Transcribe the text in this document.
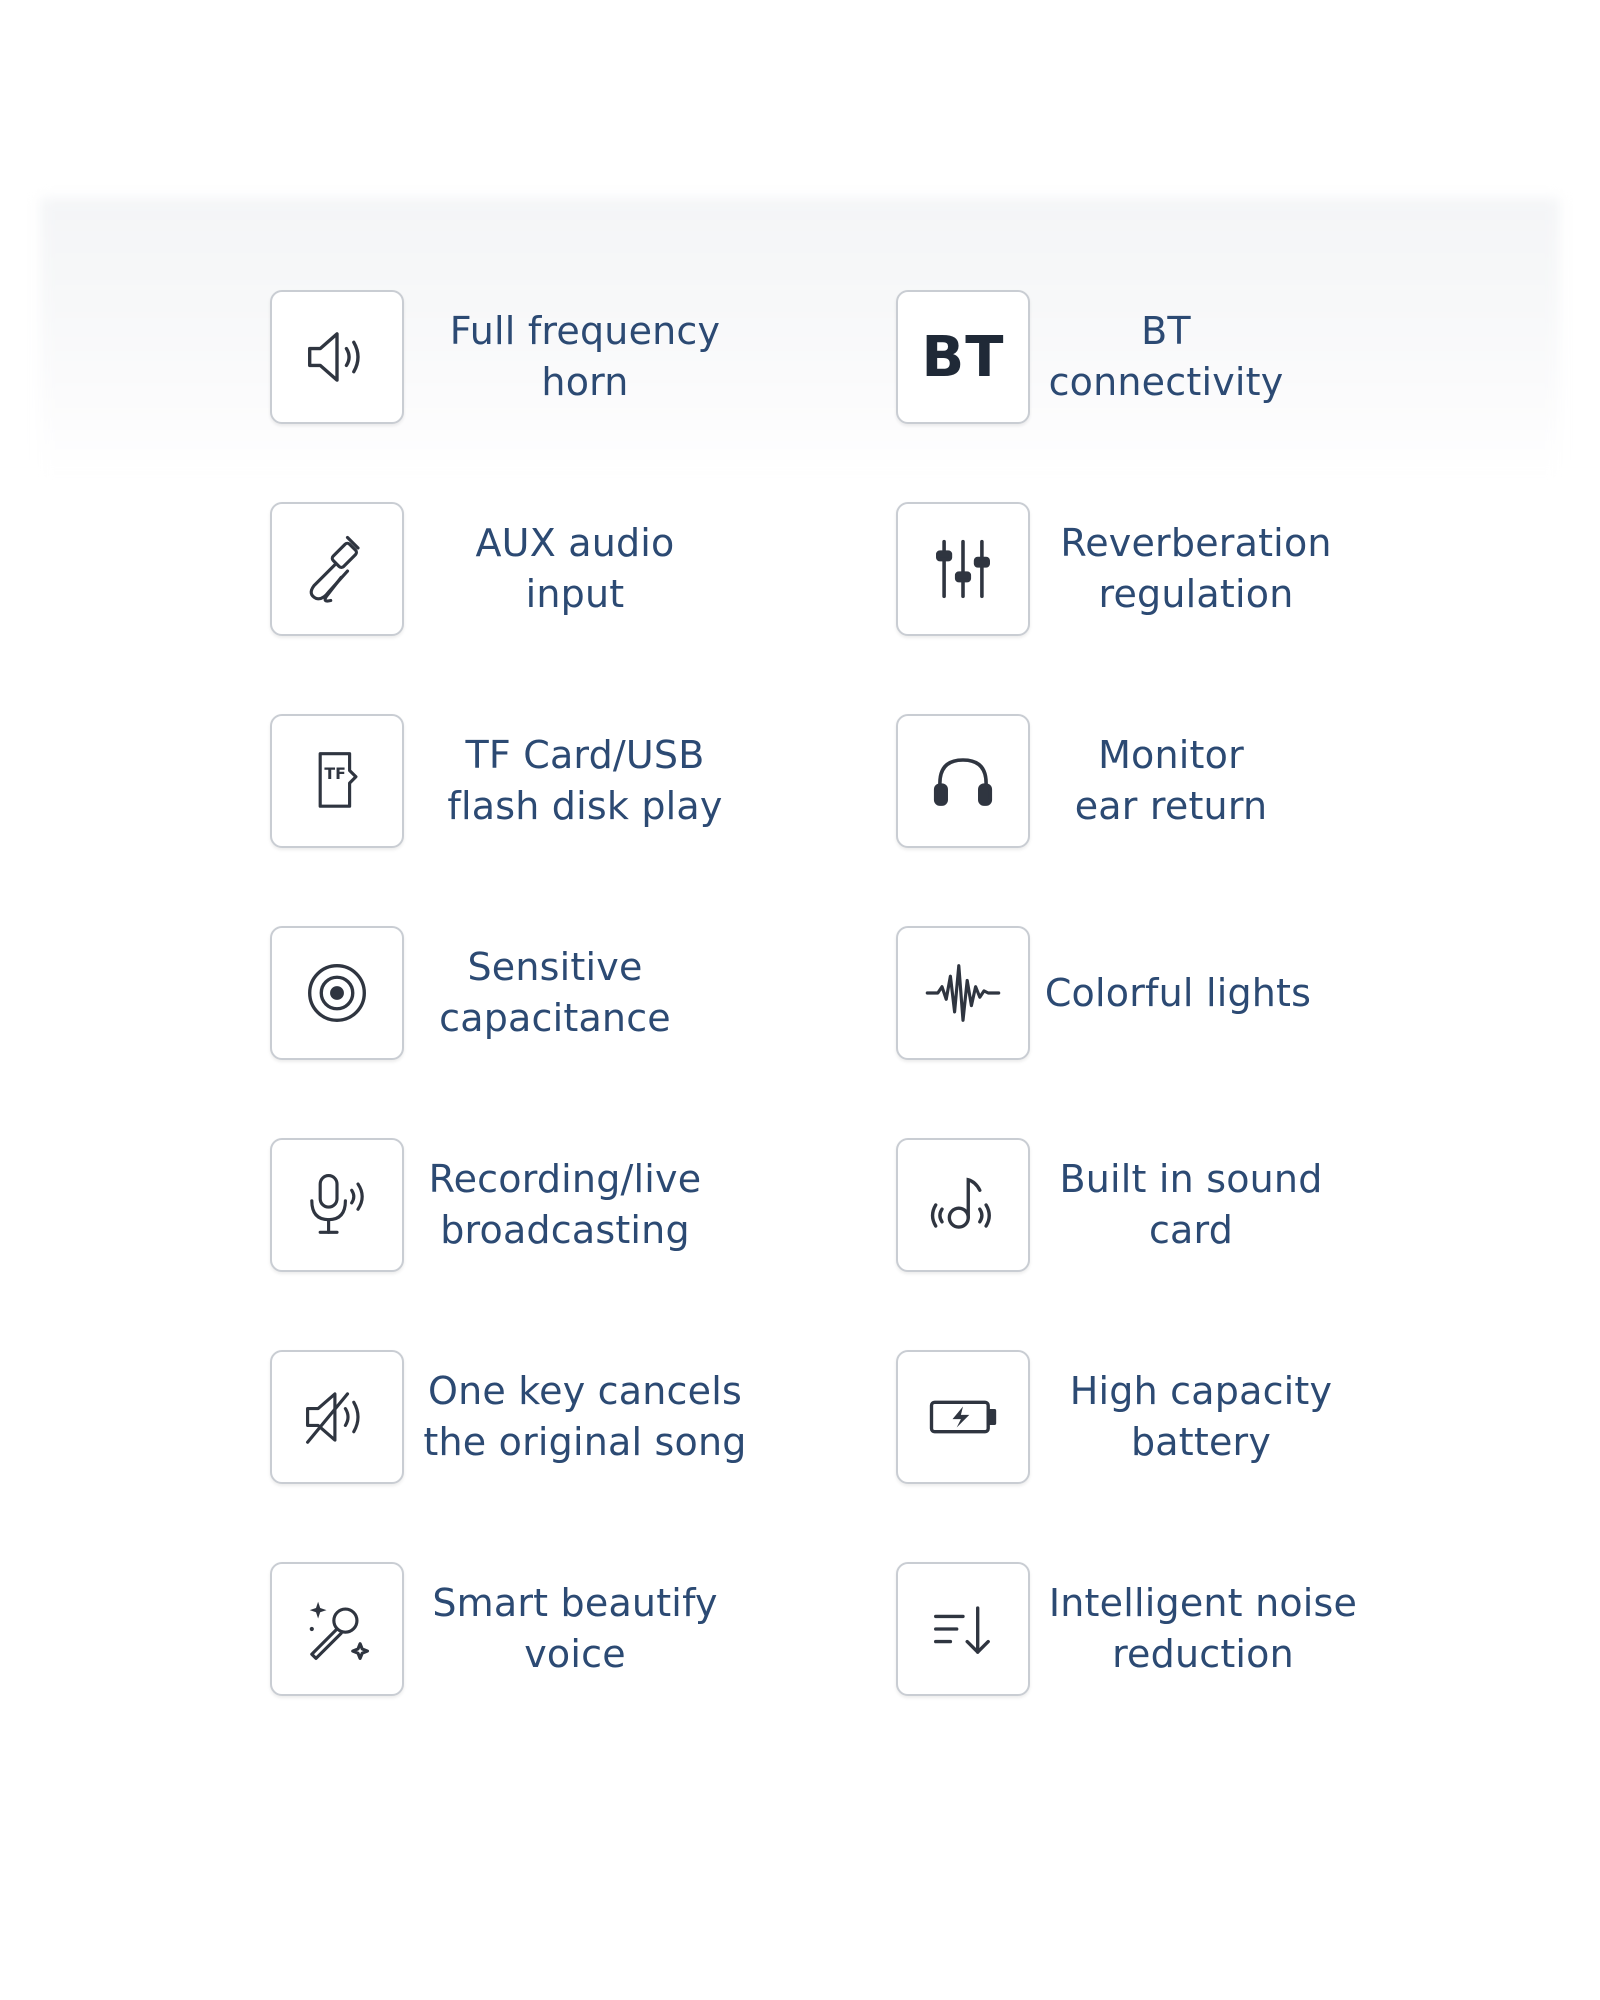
Full frequency
horn	BT	BT
connectivity
AUX audio
input
Reverberation
regulation
TF	TF Card/USB
flash disk play
Monitor
ear return
Sensitive
capacitance
Colorful lights
Recording/live
broadcasting
Built in sound
card
One key cancels
the original song
High capacity
battery
Smart beautify
voice
Intelligent noise
reduction
